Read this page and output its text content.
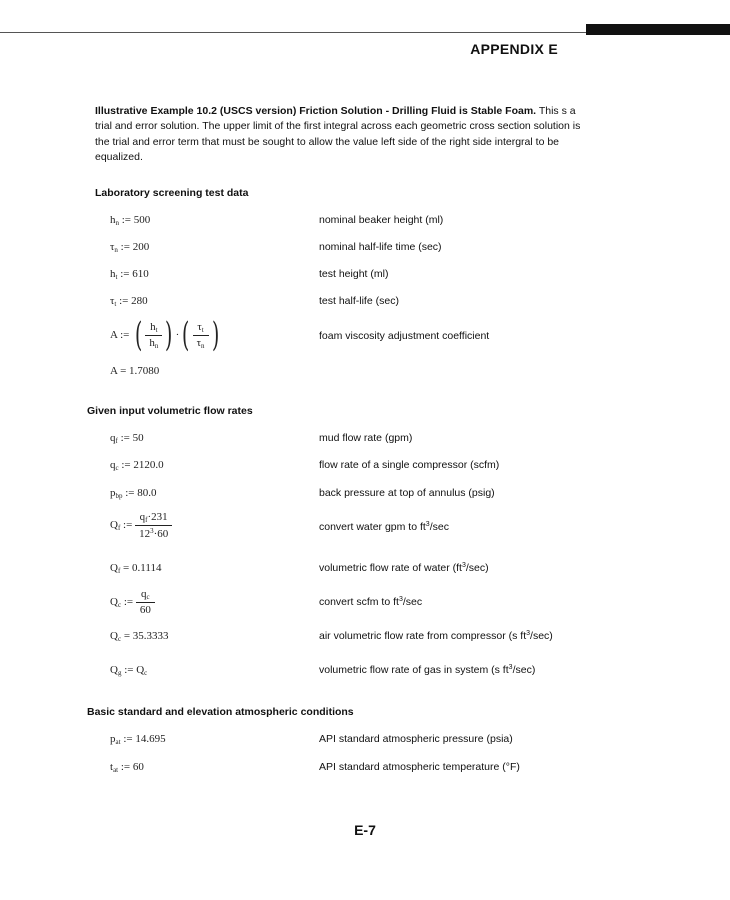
APPENDIX E
Illustrative Example 10.2 (USCS version) Friction Solution - Drilling Fluid is Stable Foam. This s a trial and error solution. The upper limit of the first integral across each geometric cross section solution is the trial and error term that must be sought to allow the value left side of the right side intergral to be equalized.
Laboratory screening test data
$h_n$ := 500	nominal beaker height (ml)
$\tau_n$ := 200	nominal half-life time (sec)
$h_t$ := 610	test height (ml)
$\tau_t$ := 280	test half-life (sec)
A := ( $\frac{h_t}{h_n}$ ) ·( $\frac{\tau_t}{\tau_n}$ )	foam viscosity adjustment coefficient
A = 1.7080
Given input volumetric flow rates
$q_f$ := 50	mud flow rate (gpm)
$q_c$ := 2120.0	flow rate of a single compressor (scfm)
$p_{bp}$ := 80.0	back pressure at top of annulus (psig)
$Q_f$ := $\frac{q_f\cdot 231}{12^3\cdot 60}$	convert water gpm to $ft^3/\sec$
$Q_f = 0.1114$	volumetric flow rate of water $(ft^3/\sec)$
$Q_c$ := $\frac{q_c}{60}$	convert scfm to $ft^3/\sec$
$Q_c = 35.3333$	air volumetric flow rate from compressor (s $ft^3/\sec$)
$Q_g$ := $Q_c$	volumetric flow rate of gas in system (s $ft^3/\sec$)
Basic standard and elevation atmospheric conditions
$p_{at}$ := 14.695	API standard atmospheric pressure (psia)
$t_{at}$ := 60	API standard atmospheric temperature (°F)
E-7
